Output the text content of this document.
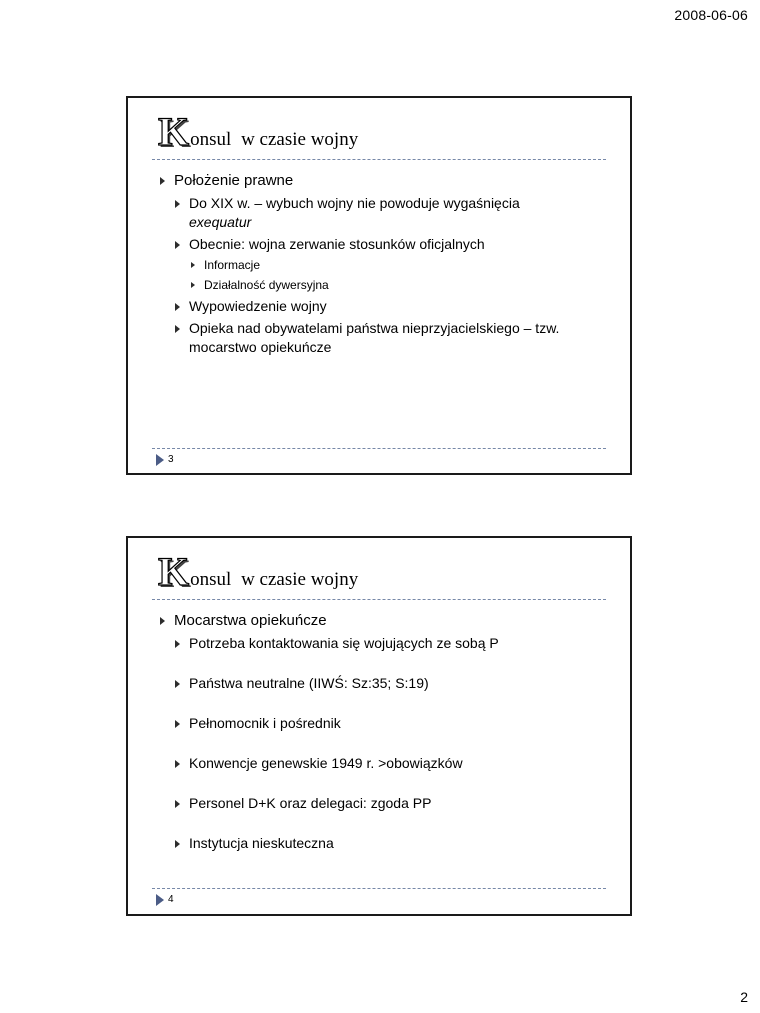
2008-06-06
Konsul w czasie wojny
Położenie prawne
Do XIX w. – wybuch wojny nie powoduje wygaśnięcia
exequatur
Obecnie: wojna zerwanie stosunków oficjalnych
Informacje
Działalność dywersyjna
Wypowiedzenie wojny
Opieka nad obywatelami państwa nieprzyjacielskiego – tzw.
mocarstwo opiekuńcze
3
Konsul w czasie wojny
Mocarstwa opiekuńcze
Potrzeba kontaktowania się wojujących ze sobą P
Państwa neutralne (IIWŚ: Sz:35; S:19)
Pełnomocnik i pośrednik
Konwencje genewskie 1949 r. >obowiązków
Personel D+K oraz delegaci: zgoda PP
Instytucja nieskuteczna
4
2
